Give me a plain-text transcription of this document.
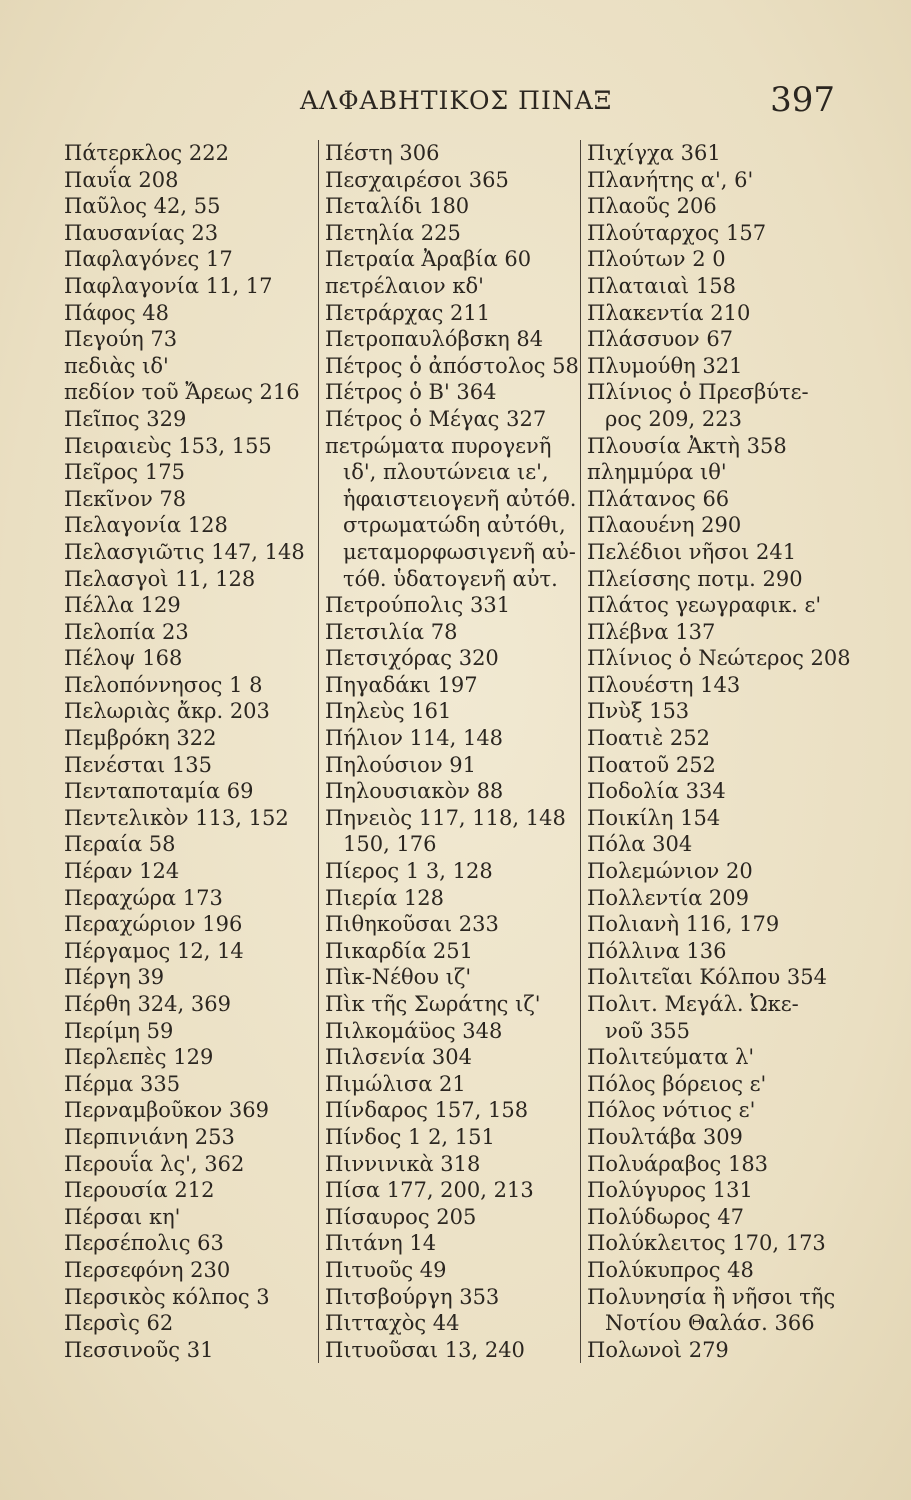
ΑΛΦΑΒΗΤΙΚΟΣ ΠΙΝΑΞ	397
Πάτερκλος 222
Παυΐα 208
Παῦλος 42, 55
Παυσανίας 23
Παφλαγόνες 17
Παφλαγονία 11, 17
Πάφος 48
Πεγούη 73
πεδιὰς ιδ'
πεδίον τοῦ Ἄρεως 216
Πεῖπος 329
Πειραιεὺς 153, 155
Πεῖρος 175
Πεκῖνον 78
Πελαγονία 128
Πελασγιῶτις 147, 148
Πελασγοὶ 11, 128
Πέλλα 129
Πελοπία 23
Πέλοψ 168
Πελοπόννησος 1 8
Πελωριὰς ἄκρ. 203
Πεμβρόκη 322
Πενέσται 135
Πενταποταμία 69
Πεντελικὸν 113, 152
Περαία 58
Πέραν 124
Περαχώρα 173
Περαχώριον 196
Πέργαμος 12, 14
Πέργη 39
Πέρθη 324, 369
Περίμη 59
Περλεπὲς 129
Πέρμα 335
Περναμβοῦκον 369
Περπινιάνη 253
Περουΐα λς', 362
Περουσία 212
Πέρσαι κη'
Περσέπολις 63
Περσεφόνη 230
Περσικὸς κόλπος 3
Περσὶς 62
Πεσσινοῦς 31
Πέστη 306
Πεσχαιρέσοι 365
Πεταλίδι 180
Πετηλία 225
Πετραία Ἀραβία 60
πετρέλαιον κδ'
Πετράρχας 211
Πετροπαυλόβσκη 84
Πέτρος ὁ ἀπόστολος 58
Πέτρος ὁ Β' 364
Πέτρος ὁ Μέγας 327
πετρώματα πυρογενῆ
ιδ', πλουτώνεια ιε',
ἡφαιστειογενῆ αὐτόθ.
στρωματώδη αὐτόθι,
μεταμορφωσιγενῆ αὐ-
τόθ. ὑδατογενῆ αὐτ.
Πετρούπολις 331
Πετσιλία 78
Πετσιχόρας 320
Πηγαδάκι 197
Πηλεὺς 161
Πήλιον 114, 148
Πηλούσιον 91
Πηλουσιακὸν 88
Πηνειὸς 117, 118, 148
150, 176
Πίερος 1 3, 128
Πιερία 128
Πιθηκοῦσαι 233
Πικαρδία 251
Πὶκ-Νέθου ιζ'
Πὶκ τῆς Σωράτης ιζ'
Πιλκομάϋος 348
Πιλσενία 304
Πιμώλισα 21
Πίνδαρος 157, 158
Πίνδος 1 2, 151
Πιννινικὰ 318
Πίσα 177, 200, 213
Πίσαυρος 205
Πιτάνη 14
Πιτυοῦς 49
Πιτσβούργη 353
Πιτταχὸς 44
Πιτυοῦσαι 13, 240
Πιχίγχα 361
Πλανήτης α', 6'
Πλαοῦς 206
Πλούταρχος 157
Πλούτων 2 0
Πλαταιαὶ 158
Πλακεντία 210
Πλάσσυον 67
Πλυμούθη 321
Πλίνιος ὁ Πρεσβύτε-
ρος 209, 223
Πλουσία Ἀκτὴ 358
πλημμύρα ιθ'
Πλάτανος 66
Πλαουένη 290
Πελέδιοι νῆσοι 241
Πλείσσης ποτμ. 290
Πλάτος γεωγραφικ. ε'
Πλέβνα 137
Πλίνιος ὁ Νεώτερος 208
Πλουέστη 143
Πνὺξ 153
Ποατιὲ 252
Ποατοῦ 252
Ποδολία 334
Ποικίλη 154
Πόλα 304
Πολεμώνιον 20
Πολλεντία 209
Πολιανὴ 116, 179
Πόλλινα 136
Πολιτεῖαι Κόλπου 354
Πολιτ. Μεγάλ. Ὠκε-
νοῦ 355
Πολιτεύματα λ'
Πόλος βόρειος ε'
Πόλος νότιος ε'
Πουλτάβα 309
Πολυάραβος 183
Πολύγυρος 131
Πολύδωρος 47
Πολύκλειτος 170, 173
Πολύκυπρος 48
Πολυνησία ἢ νῆσοι τῆς
Νοτίου Θαλάσ. 366
Πολωνοὶ 279
